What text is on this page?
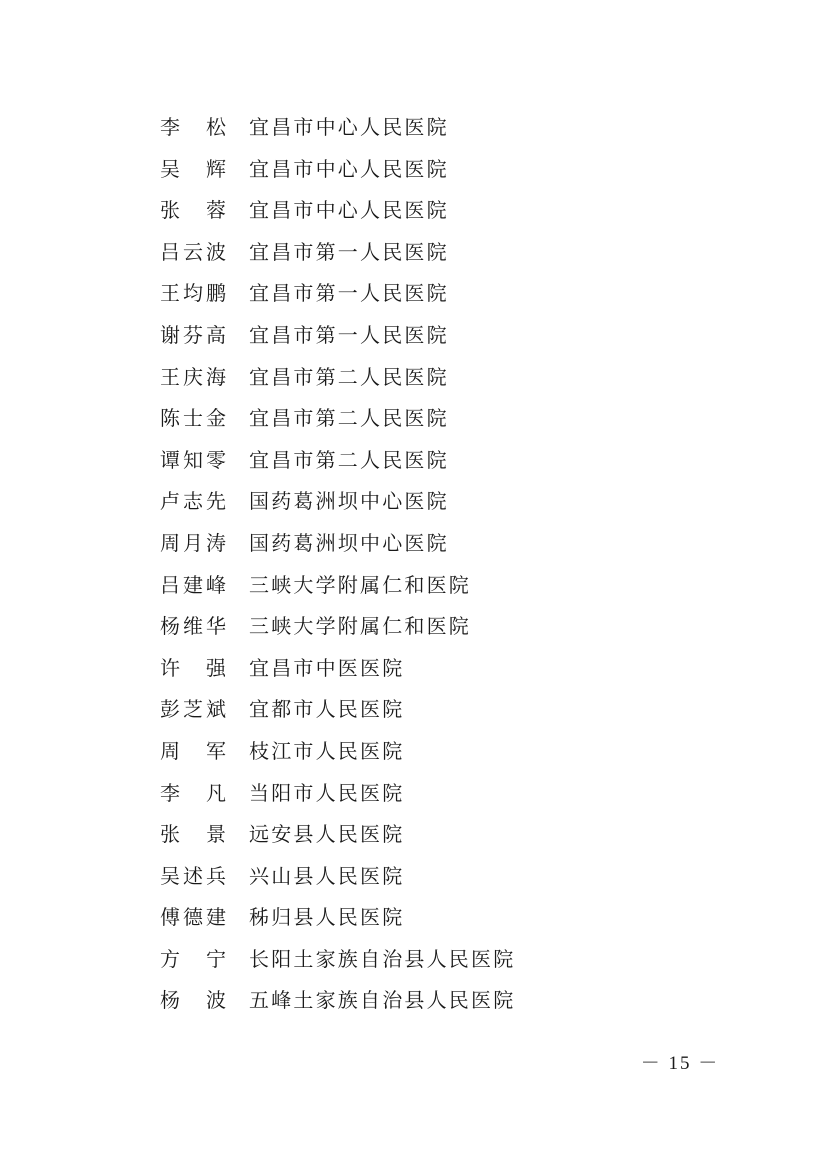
李松 宜昌市中心人民医院
吴辉 宜昌市中心人民医院
张蓉 宜昌市中心人民医院
吕云波 宜昌市第一人民医院
王均鹏 宜昌市第一人民医院
谢芬高 宜昌市第一人民医院
王庆海 宜昌市第二人民医院
陈士金 宜昌市第二人民医院
谭知零 宜昌市第二人民医院
卢志先 国药葛洲坝中心医院
周月涛 国药葛洲坝中心医院
吕建峰 三峡大学附属仁和医院
杨维华 三峡大学附属仁和医院
许强 宜昌市中医医院
彭芝斌 宜都市人民医院
周军 枝江市人民医院
李凡 当阳市人民医院
张景 远安县人民医院
吴述兵 兴山县人民医院
傅德建 秭归县人民医院
方宁 长阳土家族自治县人民医院
杨波 五峰土家族自治县人民医院
－ 15 －
